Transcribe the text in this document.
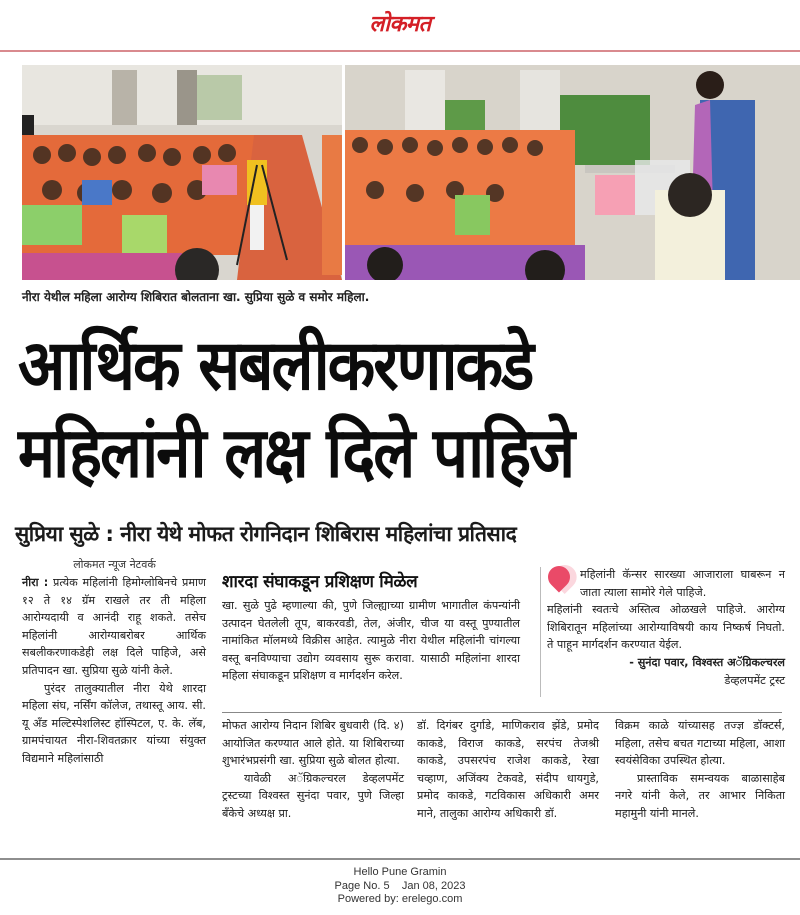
लोकमत
नीरा येथील महिला आरोग्य शिबिरात बोलताना खा. सुप्रिया सुळे व समोर महिला.
आर्थिक सबलीकरणाकडे
महिलांनी लक्ष दिले पाहिजे
सुप्रिया सुळे : नीरा येथे मोफत रोगनिदान शिबिरास महिलांचा प्रतिसाद
लोकमत न्यूज नेटवर्क

नीरा : प्रत्येक महिलांनी हिमोग्लोबिनचे प्रमाण १२ ते १४ ग्रॅम राखले तर ती महिला आरोग्यदायी व आनंदी राहू शकते. तसेच महिलांनी आरोग्याबरोबर आर्थिक सबलीकरणाकडेही लक्ष दिले पाहिजे, असे प्रतिपादन खा. सुप्रिया सुळे यांनी केले.

पुरंदर तालुक्यातील नीरा येथे शारदा महिला संघ, नर्सिंग कॉलेज, तथास्तू आय. सी. यू अँड मल्टिस्पेशलिस्ट हॉस्पिटल, ए. के. लॅब, ग्रामपंचायत नीरा-शिवतक्रार यांच्या संयुक्त विद्यमाने महिलांसाठी

शारदा संघाकडून प्रशिक्षण मिळेल
खा. सुळे पुढे म्हणाल्या की, पुणे जिल्ह्याच्या ग्रामीण भागातील कंपन्यांनी उत्पादन घेतलेली तूप, बाकरवडी, तेल, अंजीर, चीज या वस्तू पुण्यातील नामांकित मॉलमध्ये विक्रीस आहेत. त्यामुळे नीरा येथील महिलांनी चांगल्या वस्तू बनविण्याचा उद्योग व्यवसाय सुरू करावा. यासाठी महिलांना शारदा महिला संघाकडून प्रशिक्षण व मार्गदर्शन करेल.

महिलांनी कॅन्सर सारख्या आजाराला घाबरून न जाता त्याला सामोरे गेले पाहिजे.

महिलांनी स्वतःचे अस्तित्व ओळखले पाहिजे. आरोग्य शिबिरातून महिलांच्या आरोग्याविषयी काय निष्कर्ष निघतो. ते पाहून मार्गदर्शन करण्यात येईल.

- सुनंदा पवार, विश्वस्त अॅग्रिकल्चरल

डेव्हलपमेंट ट्रस्ट

मोफत आरोग्य निदान शिबिर बुधवारी (दि. ४) आयोजित करण्यात आले होते. या शिबिराच्या शुभारंभप्रसंगी खा. सुप्रिया सुळे बोलत होत्या.

यावेळी अॅग्रिकल्चरल डेव्हलपमेंट ट्रस्टच्या विश्वस्त सुनंदा पवार, पुणे जिल्हा बँकेचे अध्यक्ष प्रा.

डॉ. दिगंबर दुर्गाडे, माणिकराव झेंडे, प्रमोद काकडे, विराज काकडे, सरपंच तेजश्री काकडे, उपसरपंच राजेश काकडे, रेखा चव्हाण, अजिंक्य टेकवडे, संदीप धायगुडे, प्रमोद काकडे, गटविकास अधिकारी अमर माने, तालुका आरोग्य अधिकारी डॉ.

विक्रम काळे यांच्यासह तज्ज्ञ डॉक्टर्स, महिला, तसेच बचत गटाच्या महिला, आशा स्वयंसेविका उपस्थित होत्या.

प्रास्ताविक समन्वयक बाळासाहेब नगरे यांनी केले, तर आभार निकिता महामुनी यांनी मानले.

Hello Pune Gramin
Page No. 5 Jan 08, 2023
Powered by: erelego.com
